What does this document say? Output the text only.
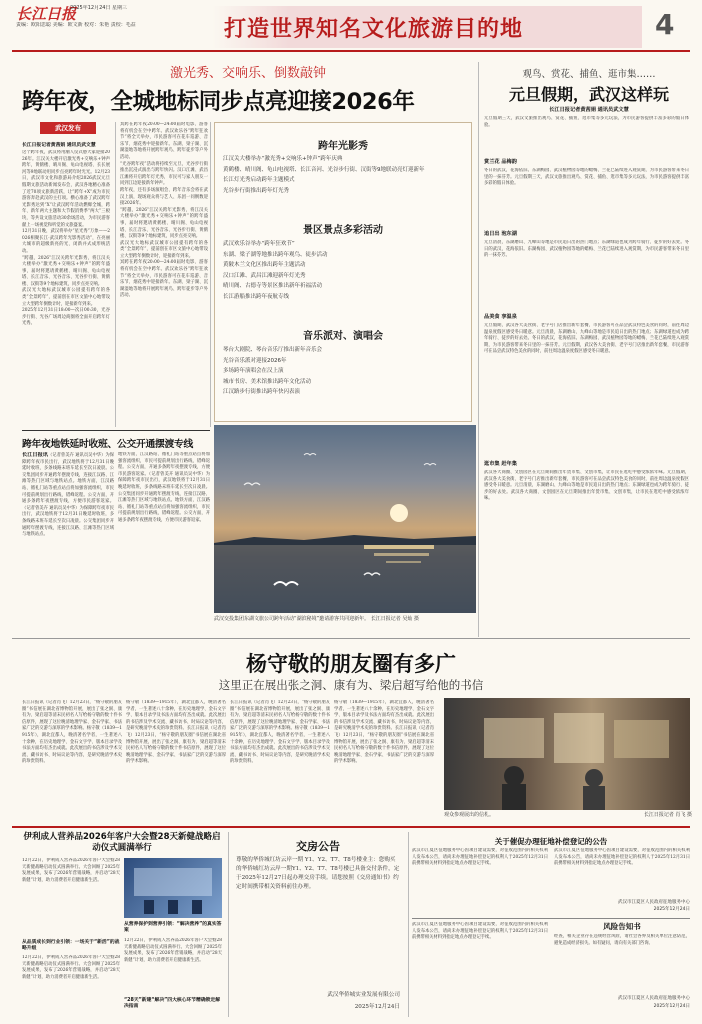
长江日报
2025年12月24日 星期三
责编：欧阳思聪 美编：欧文新 校对：朱艳 责校：毛益	打造世界知名文化旅游目的地	4
激光秀、交响乐、倒数敲钟
跨年夜，全城地标同步点亮迎接2026年
武汉发布
长江日报记者黄茜娟 通讯员武文慧
这个跨年夜，武汉将用潮人仪式感大家迎接2026年。江汉关大楼开启激光秀+交响乐+钟声跨年，黄鹤楼、晴川阁、龟山电视塔、长长展河等9地联动用同步点亮跨年时光光。12月23日，武汉市文化和旅游局介绍2026武汉元旦假期文旅活动新闻发布会，武汉各地精心准备了近70项文旅新活跃，让“跨年+X”成为市民游客奔赴武汉的主打项。横心准备了武汉跨年光影秀达到“X”让武汉跨年活动燃爆全城，跨年、新年两大主题和大节假消费季“两大”三板块，等共设文旅活动30余场活动，为市民游客献上一场视觉和听觉的文旅盛宴。
12月31日晚，武汉将举办“星光秀”万象——2026相聚长江·武汉跨年光影秀活动”，在亮丽大城市的超级新亮的光、闭新并式成形统活动。
“跨越，2026”江汉关跨年光影秀，将江汉关大楼举办“激光秀+交响乐+钟声”的跨年盛事，届时将邀请黄鹤楼、晴川阁、龟山电视塔、长江音乐、光谷音乐、光谷步行街、黄鹤楼、汉街等9个地标建筑，同步点亮交响。
武汉光大地标武汉城市公园提有跨年的各类“全景跨年”，提前创在市区文旅中心地带设立大型跨年倒数计时，迎接新年到来。
2025年12月31日18:00—次日00:30，光谷步行街、光谷广场周边商圈将全面开启跨年灯光秀。
冥跨在跨年夜20:00—24:00届时电影、游客将有机会在空中跨年。武汉欢乐谷“跨年狂欢节”将全天举办，市民游客可在花车巡游、音乐节、烟花秀中迎接新年。东湖、梁子湖、沉湖湿地等地将开展跨年观鸟、跨年徒步等户外活动。
“光谷跨年夜”活动将持续至元旦，光谷步行街推出沉浸式演出与跨年快闪。汉口江滩、武昌江滩将开启跨年灯光秀，市民可与家人朋友一同到江边迎接新年钟声。
跨年夜，还有多场演唱会、跨年音乐会将在武汉上演，现场观众将与艺人、乐团一同倒数迎接2026年。
“跨越，2026”江汉关跨年光影秀，将江汉关大楼举办“激光秀+交响乐+钟声”的跨年盛事，届时将邀请黄鹤楼、晴川阁、龟山电视塔、长江音乐、光谷音乐、光谷步行街、黄鹤楼、汉街等9个地标建筑，同步点亮交响。
武汉光大地标武汉城市公园提有跨年的各类“全景跨年”，提前创在市区文旅中心地带设立大型跨年倒数计时，迎接新年到来。
冥跨在跨年夜20:00—24:00届时电影、游客将有机会在空中跨年。武汉欢乐谷“跨年狂欢节”将全天举办，市民游客可在花车巡游、音乐节、烟花秀中迎接新年。东湖、梁子湖、沉湖湿地等地将开展跨年观鸟、跨年徒步等户外活动。
跨年光影秀
江汉关大楼举办“激光秀+交响乐+钟声”跨年庆典
黄鹤楼、晴川阁、龟山电视塔、长江音河、光谷步行街、汉街等9地联动亮灯迎新年
长江灯光秀启动跨年主题模式
光谷步行街推出跨年灯光秀
景区景点多彩活动
武汉欢乐谷举办“跨年狂欢节”
东湖、梁子湖等地推出跨年观鸟、徒步活动
黄陂木兰文化区推出跨年主题活动
汉口江滩、武昌江滩迎新年灯光秀
晴川阁、古德寺等景区推出新年祈福活动
长江游船推出跨年夜航专线
音乐派对、演唱会
琴台大剧院、琴台音乐厅推出新年音乐会
光谷音乐派对迎接2026年
多场跨年演唱会在汉上演
城市书房、美术馆推出跨年文化活动
江汉路步行街推出跨年快闪表演
武汉交投集团东湖文旅公司跨年活动“湖滨秘境”邀请游客共同迎新年。 长江日报记者 吴灿 摄
跨年夜地铁延时收班、公交开通摆渡专线
长江日报讯（记者曾美卉 通讯员吴中华）为保障跨年夜市民出行，武汉地铁将于12月31日晚延时收班，多条线路末班车延长至次日凌晨。公交集团同步开通跨年摆渡专线，连接江汉路、江滩等热门区域与地铁站点。地铁方面，江汉路站、循礼门站等重点站点将加强客流组织，市民可提前规划出行路线，错峰返程。公交方面，开通多条跨年夜摆渡专线，方便市民游客返家。（记者曾美卉 通讯员吴中华）为保障跨年夜市民出行，武汉地铁将于12月31日晚延时收班，多条线路末班车延长至次日凌晨。公交集团同步开通跨年摆渡专线，连接江汉路、江滩等热门区域与地铁站点。
地铁方面，江汉路站、循礼门站等重点站点将加强客流组织，市民可提前规划出行路线，错峰返程。公交方面，开通多条跨年夜摆渡专线，方便市民游客返家。（记者曾美卉 通讯员吴中华）为保障跨年夜市民出行，武汉地铁将于12月31日晚延时收班，多条线路末班车延长至次日凌晨。公交集团同步开通跨年摆渡专线，连接江汉路、江滩等热门区域与地铁站点。地铁方面，江汉路站、循礼门站等重点站点将加强客流组织，市民可提前规划出行路线，错峰返程。公交方面，开通多条跨年夜摆渡专线，方便市民游客返家。
观鸟、赏花、捕鱼、逛市集……
元旦假期，武汉这样玩
长江日报记者黄茜娟 通讯员武文慧
元旦假期三天，武汉文旅推出观鸟、赏花、捕鱼、逛市集等多元玩法，为市民游客提供丰富多彩的假日体验。
赏兰花 品梅韵
冬日的武汉，花海依旧。东湖梅园、武汉植物园等地的蜡梅、兰花已陆续进入观赏期，为市民游客带来冬日里的一抹芬芳。元旦假期三天，武汉文旅推出观鸟、赏花、捕鱼、逛市集等多元玩法，为市民游客提供丰富多彩的假日体验。
追日出 泡东湖
元旦清晨，东湖磨山、九峰山等地是市民追日出的热门地点；东湖绿道也成为跨年骑行、徒步的好去处。冬日的武汉，花海依旧。东湖梅园、武汉植物园等地的蜡梅、兰花已陆续进入观赏期，为市民游客带来冬日里的一抹芬芳。
品美食 享温泉
元旦假期，武汉各大美食街、老字号门店推出新年套餐，市民游客可在品尝武汉特色美食的同时，前往周边温泉度假区感受冬日暖意。元旦清晨，东湖磨山、九峰山等地是市民追日出的热门地点；东湖绿道也成为跨年骑行、徒步的好去处。冬日的武汉，花海依旧。东湖梅园、武汉植物园等地的蜡梅、兰花已陆续进入观赏期，为市民游客带来冬日里的一抹芬芳。元旦假期，武汉各大美食街、老字号门店推出新年套餐，市民游客可在品尝武汉特色美食的同时，前往周边温泉度假区感受冬日暖意。
逛市集 赶年集
武汉各大商圈、文创园区在元旦期间推出年货市集、文创市集，让市民在逛吃中感受浓浓年味。元旦假期，武汉各大美食街、老字号门店推出新年套餐，市民游客可在品尝武汉特色美食的同时，前往周边温泉度假区感受冬日暖意。元旦清晨，东湖磨山、九峰山等地是市民追日出的热门地点；东湖绿道也成为跨年骑行、徒步的好去处。武汉各大商圈、文创园区在元旦期间推出年货市集、文创市集，让市民在逛吃中感受浓浓年味。
杨守敬的朋友圈有多广
这里正在展出张之洞、康有为、梁启超写给他的书信
长江日报讯（记者肖飞）12月23日，“杨守敬的朋友圈”书信展在湖北省博物馆开展，展出了张之洞、康有为、梁启超等清末民初名人写给杨守敬的数十件书信原件，展现了这位晚清地理学家、金石学家、书法家广泛的交游与深厚的学术影响。杨守敬（1839—1915年），湖北宜都人，晚清著名学者，一生著述八十余种，在历史地理学、金石文字学、版本目录学及书法方面均有杰出成就。此次展出的书信涉及学术交流、藏书访书、时局议论等内容，是研究晚清学术史的珍贵资料。
杨守敬（1839—1915年），湖北宜都人，晚清著名学者，一生著述八十余种，在历史地理学、金石文字学、版本目录学及书法方面均有杰出成就。此次展出的书信涉及学术交流、藏书访书、时局议论等内容，是研究晚清学术史的珍贵资料。长江日报讯（记者肖飞）12月23日，“杨守敬的朋友圈”书信展在湖北省博物馆开展，展出了张之洞、康有为、梁启超等清末民初名人写给杨守敬的数十件书信原件，展现了这位晚清地理学家、金石学家、书法家广泛的交游与深厚的学术影响。
长江日报讯（记者肖飞）12月23日，“杨守敬的朋友圈”书信展在湖北省博物馆开展，展出了张之洞、康有为、梁启超等清末民初名人写给杨守敬的数十件书信原件，展现了这位晚清地理学家、金石学家、书法家广泛的交游与深厚的学术影响。杨守敬（1839—1915年），湖北宜都人，晚清著名学者，一生著述八十余种，在历史地理学、金石文字学、版本目录学及书法方面均有杰出成就。此次展出的书信涉及学术交流、藏书访书、时局议论等内容，是研究晚清学术史的珍贵资料。
杨守敬（1839—1915年），湖北宜都人，晚清著名学者，一生著述八十余种，在历史地理学、金石文字学、版本目录学及书法方面均有杰出成就。此次展出的书信涉及学术交流、藏书访书、时局议论等内容，是研究晚清学术史的珍贵资料。长江日报讯（记者肖飞）12月23日，“杨守敬的朋友圈”书信展在湖北省博物馆开展，展出了张之洞、康有为、梁启超等清末民初名人写给杨守敬的数十件书信原件，展现了这位晚清地理学家、金石学家、书法家广泛的交游与深厚的学术影响。
观众参观展出的信札。	长江日报记者 肖飞 摄
伊利成人营养品2026年客户大会暨28天新健战略启动仪式圆满举行
12月22日，伊利成人营养品2026年客户大会暨28天新健战略启动仪式圆满举行。大会回顾了2025年发展成果，发布了2026年营销战略，并启动“28天新健”计划，助力消费者开启健康新生活。
从品质成长到行业引领：一场关于“新活”的战略升级
12月22日，伊利成人营养品2026年客户大会暨28天新健战略启动仪式圆满举行。大会回顾了2025年发展成果，发布了2026年营销战略，并启动“28天新健”计划，助力消费者开启健康新生活。
从营养保护到营养引领：“解决营养”的真实答案
12月22日，伊利成人营养品2026年客户大会暨28天新健战略启动仪式圆满举行。大会回顾了2025年发展成果，发布了2026年营销战略，并启动“28天新健”计划，助力消费者开启健康新生活。
“28天”新建“解决”四大核心环节精确锁定解决指南
交房公告
尊敬的华侨城红坊云岸一期 Y1、Y2、T7、T8号楼业主：您购买的华侨城红坊云岸一期Y1、Y2、T7、T8号楼已具备交付条件，定于2025年12月27日起办理交房手续。请您按照《交房通知书》约定时间携带相关资料前往办理。
武汉华侨城实业发展有限公司
2025年12月24日
关于催促办理征地补偿登记的公告
武汉市江夏区征地服务中心因项目建设需要，对征收范围内的相关权利人发布本公告，请尚未办理征地补偿登记的权利人于2025年12月31日前携带相关材料到指定地点办理登记手续。
武汉市江夏区征地服务中心因项目建设需要，对征收范围内的相关权利人发布本公告，请尚未办理征地补偿登记的权利人于2025年12月31日前携带相关材料到指定地点办理登记手续。
武汉市江夏区人民政府征地服务中心
2025年12月24日
风险告知书
武汉市江夏区征地服务中心因项目建设需要，对征收范围内的相关权利人发布本公告，请尚未办理征地补偿登记的权利人于2025年12月31日前携带相关材料到指定地点办理登记手续。	经查，相关企业存在违规经营风险，请社会各界及相关单位注意防范，避免造成经济损失。如有疑问，请向有关部门咨询。
武汉市江夏区人民政府征地服务中心
2025年12月24日
